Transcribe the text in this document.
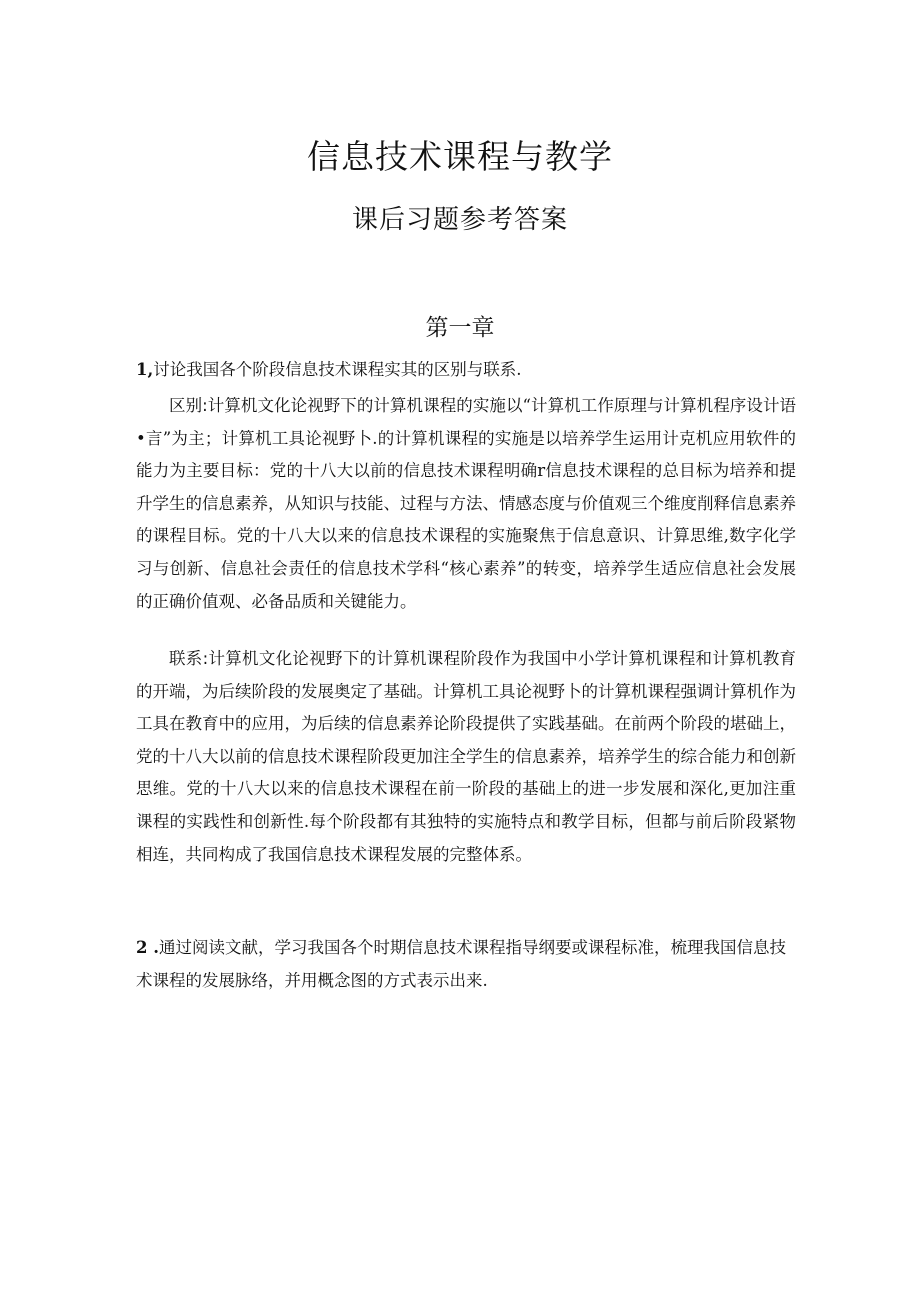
信息技术课程与教学
课后习题参考答案
第一章

1,讨论我国各个阶段信息技术课程实其的区别与联系.

区别:计算机文化论视野下的计算机课程的实施以“计算机工作原理与计算机程序设计语•言”为主；计算机工具论视野卜.的计算机课程的实施是以培养学生运用计克机应用软件的能力为主要目标：党的十八大以前的信息技术课程明确r信息技术课程的总目标为培养和提升学生的信息素养，从知识与技能、过程与方法、情感态度与价值观三个维度削释信息素养的课程目标。党的十八大以来的信息技术课程的实施聚焦于信息意识、计算思维,数字化学习与创新、信息社会责任的信息技术学科“核心素养”的转变，培养学生适应信息社会发展的正确价值观、必备品质和关键能力。

联系:计算机文化论视野下的计算机课程阶段作为我国中小学计算机课程和计算机教育的开端，为后续阶段的发展奥定了基础。计算机工具论视野卜的计算机课程强调计算机作为工具在教育中的应用，为后续的信息素养论阶段提供了实践基础。在前两个阶段的堪础上，党的十八大以前的信息技术课程阶段更加注全学生的信息素养，培养学生的综合能力和创新思维。党的十八大以来的信息技术课程在前一阶段的基础上的进一步发展和深化,更加注重课程的实践性和创新性.每个阶段都有其独特的实施特点和教学目标，但都与前后阶段紧物相连，共同构成了我国信息技术课程发展的完整体系。

2 .通过阅读文献，学习我国各个时期信息技术课程指导纲要或课程标准，梳理我国信息技术课程的发展脉络，并用概念图的方式表示出来.
